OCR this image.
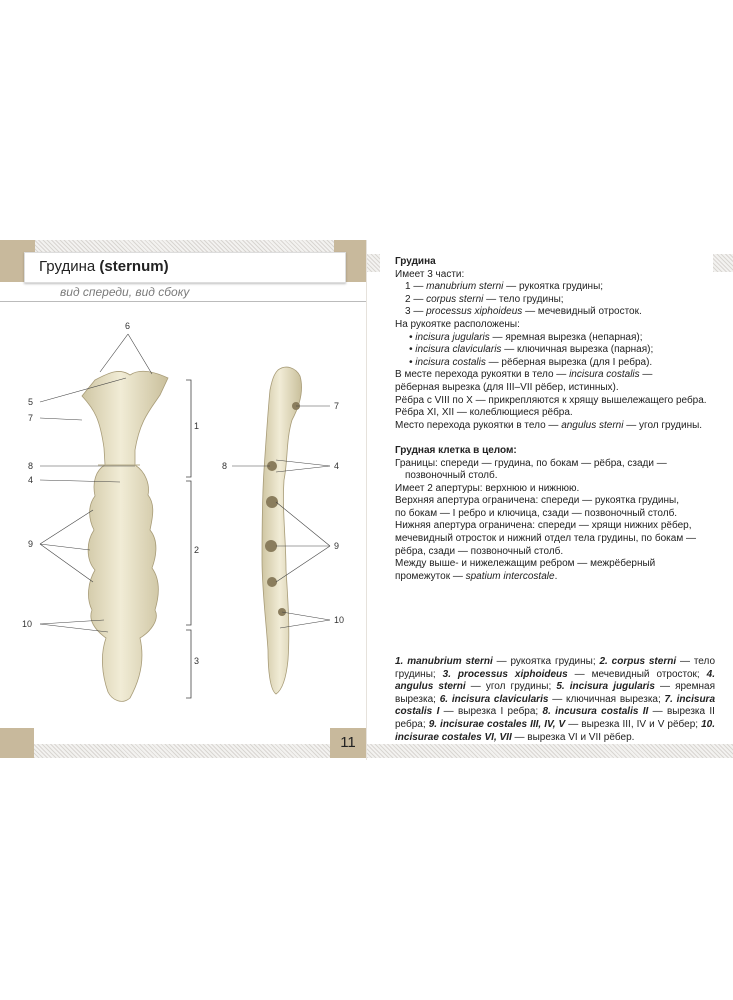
Грудина (sternum)
вид спереди, вид сбоку
6
5
7
1
8
4
9
2
10
3
7
8	4
9
10
11
Грудина
Имеет 3 части:
1 — manubrium sterni — рукоятка грудины;
2 — corpus sterni — тело грудины;
3 — processus xiphoideus — мечевидный отросток.
На рукоятке расположены:
• incisura jugularis — яремная вырезка (непарная);
• incisura clavicularis — ключичная вырезка (парная);
• incisura costalis — рёберная вырезка (для I ребра).
В месте перехода рукоятки в тело — incisura costalis —
рёберная вырезка (для III–VII рёбер, истинных).
Рёбра с VIII по X — прикрепляются к хрящу вышележащего ребра.
Рёбра XI, XII — колеблющиеся рёбра.
Место перехода рукоятки в тело — angulus sterni — угол грудины.
Грудная клетка в целом:
Границы: спереди — грудина, по бокам — рёбра, сзади —
позвоночный столб.
Имеет 2 апертуры: верхнюю и нижнюю.
Верхняя апертура ограничена: спереди — рукоятка грудины,
по бокам — I ребро и ключица, сзади — позвоночный столб.
Нижняя апертура ограничена: спереди — хрящи нижних рёбер,
мечевидный отросток и нижний отдел тела грудины, по бокам —
рёбра, сзади — позвоночный столб.
Между выше- и нижележащим ребром — межрёберный
промежуток — spatium intercostale.
1. manubrium sterni — рукоятка грудины; 2. corpus sterni — тело грудины; 3. processus xiphoideus — мечевидный отросток; 4. angulus sterni — угол грудины; 5. incisura jugularis — яремная вырезка; 6. incisura clavicularis — ключичная вырезка; 7. incisura costalis I — вырезка I ребра; 8. incusura costalis II — вырезка II ребра; 9. incisurae costales III, IV, V — вырезка III, IV и V рёбер; 10. incisurae costales VI, VII — вырезка VI и VII рёбер.
